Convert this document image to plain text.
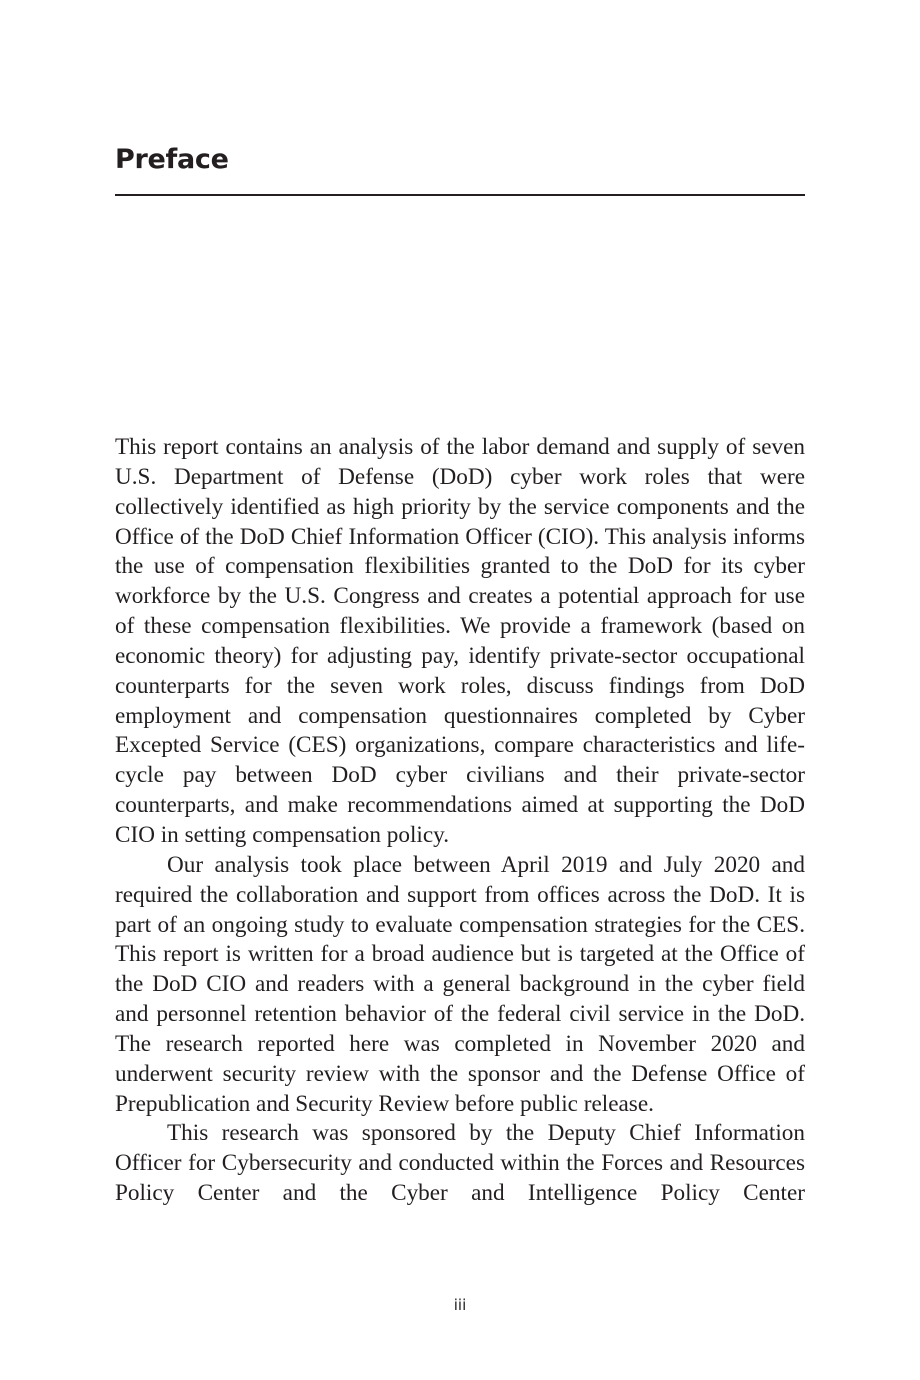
Preface

This report contains an analysis of the labor demand and supply of seven U.S. Department of Defense (DoD) cyber work roles that were collectively identified as high priority by the service components and the Office of the DoD Chief Information Officer (CIO). This analysis informs the use of compensation flexibilities granted to the DoD for its cyber workforce by the U.S. Congress and creates a potential approach for use of these compensation flexibilities. We provide a framework (based on economic theory) for adjusting pay, identify private-sector occupational counterparts for the seven work roles, discuss findings from DoD employment and compensation questionnaires completed by Cyber Excepted Service (CES) organizations, compare characteristics and life-cycle pay between DoD cyber civilians and their private-​sector counterparts, and make recommendations aimed at supporting the DoD CIO in setting compensation policy.

Our analysis took place between April 2019 and July 2020 and required the collaboration and support from offices across the DoD. It is part of an ongoing study to evaluate compensation strategies for the CES. This report is written for a broad audience but is targeted at the Office of the DoD CIO and readers with a general background in the cyber field and personnel retention behavior of the federal civil service in the DoD. The research reported here was completed in November 2020 and underwent security review with the sponsor and the Defense Office of Prepublication and Security Review before public release.

This research was sponsored by the Deputy Chief Information Officer for Cybersecurity and conducted within the Forces and Resources Policy Center and the Cyber and Intelligence Policy Center

iii
